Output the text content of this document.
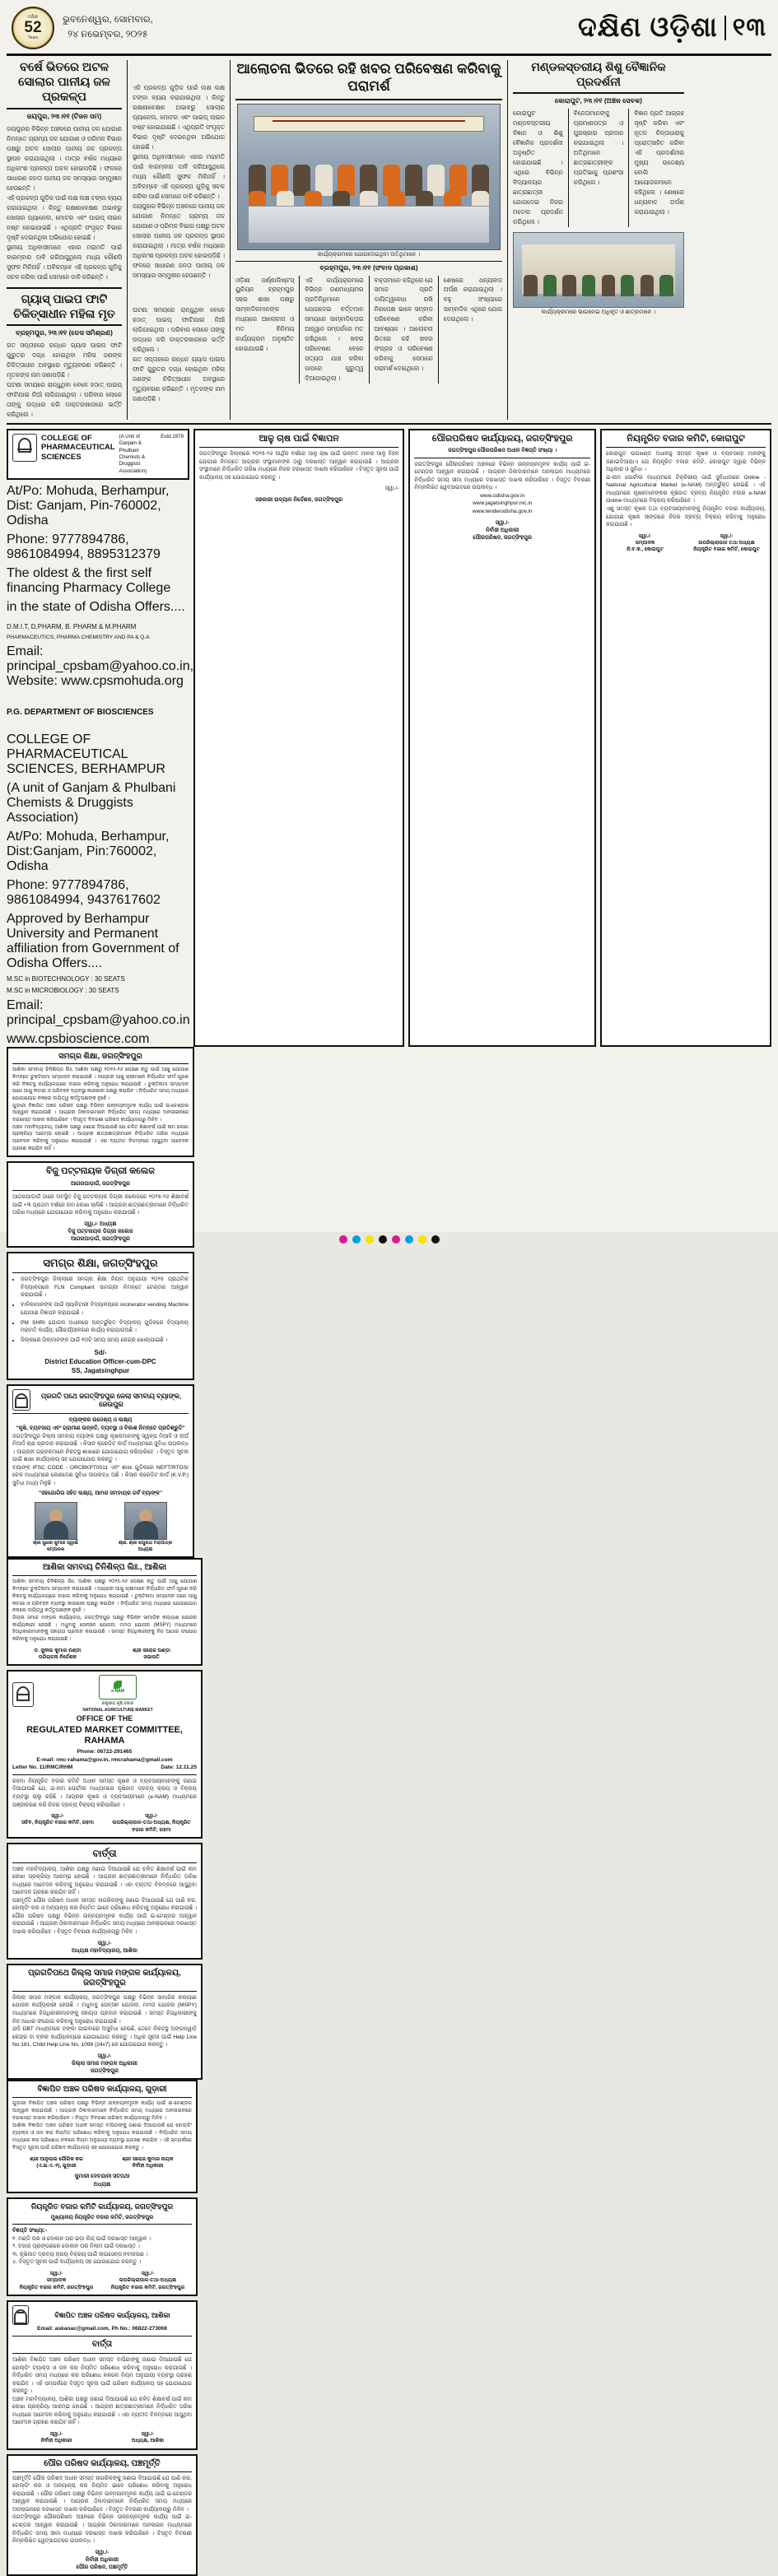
ଦକ୍ଷିଣ
52
Years
ଭୁବନେଶ୍ୱର, ସୋମବାର,
୨୪ ନଭେମ୍ବର, ୨୦୨୫	ଦକ୍ଷିଣ ଓଡ଼ିଶା ୧୩
ବର୍ଷେ ଭିତରେ ଅଟଳ ସୋଲାର ପାନୀୟ ଜଳ ପ୍ରକଳ୍ପ
ଜୟପୁର, ୨୩।୧୧ (ଟିଜନ ସମ)
ଜୟପୁରର ବିଭିନ୍ନ ଅଞ୍ଚଳରେ ପାନୀୟ ଜଳ ଯୋଗାଣ ନିମନ୍ତେ ଗ୍ରାମ୍ୟ ଜଳ ଯୋଗାଣ ଓ ପରିମଳ ବିଭାଗ ପକ୍ଷରୁ ଅଟଳ ସୋଲାର ପାନୀୟ ଜଳ ପ୍ରକଳ୍ପ ସ୍ଥାପନ କରାଯାଇଥିଲା । ମାତ୍ର ବର୍ଷକ ମଧ୍ୟରେ ଅଧିକାଂଶ ପ୍ରକଳ୍ପ ଅଚଳ ହୋଇପଡ଼ିଛି । ଫଳରେ ସାଧାରଣ ଜନତା ପାନୀୟ ଜଳ ସମସ୍ୟାର ସମ୍ମୁଖୀନ ହେଉଛନ୍ତି ।
ଏହି ପ୍ରକଳ୍ପ ଗୁଡ଼ିକ ପାଇଁ ଲକ୍ଷ ଲକ୍ଷ ଟଙ୍କା ବ୍ୟୟ କରାଯାଇଥିଲା । କିନ୍ତୁ ରକ୍ଷଣାବେକ୍ଷଣ ଅଭାବରୁ ସୋଲାର ପ୍ୟାନେଲ, ମୋଟର ଏବଂ ପାଇପ୍ ଲାଇନ ନଷ୍ଟ ହୋଇଯାଇଛି । ଏଥିପ୍ରତି ସଂପୃକ୍ତ ବିଭାଗ ଦୃଷ୍ଟି ଦେଇନଥିବା ଅଭିଯୋଗ ହୋଇଛି ।
ସ୍ଥାନୀୟ ଅଧିବାସୀମାନେ ଏହାର ମରାମତି ପାଇଁ ବାରମ୍ବାର ଦାବି କରିଆସୁଥିଲେ ମଧ୍ୟ କୌଣସି ସୁଫଳ ମିଳିନାହିଁ । ଅବିଳମ୍ବେ ଏହି ପ୍ରକଳ୍ପ ଗୁଡ଼ିକୁ ସଚଳ କରିବା ପାଇଁ ସେମାନେ ଦାବି କରିଛନ୍ତି ।
ଗ୍ୟାସ୍ ପାଇପ ଫାଟି ଚିକିତ୍ସାଧୀନ ମହିଳା ମୃତ
ବ୍ରହ୍ମପୁର, ୨୩।୧୧ (ଡେସ ସମିଶ୍ରଣ)
ଗତ ସପ୍ତାହରେ ରନ୍ଧନ ଗ୍ୟାସ ପାଇପ ଫାଟି ଗୁରୁତର ଦଗ୍ଧ ହୋଇଥିବା ମହିଳା ଜଣଙ୍କ ଚିକିତ୍ସାଧୀନ ଅବସ୍ଥାରେ ମୃତ୍ୟୁବରଣ କରିଛନ୍ତି । ମୃତକଙ୍କ ନାମ ଜଣାପଡ଼ିଛି ।
ଘଟଣା ସମୟରେ ରାନ୍ଧୁଥିବା ବେଳେ ହଠାତ୍ ପାଇପ୍ ଫାଟିଯାଇ ନିଆଁ ଲାଗିଯାଇଥିଲା । ପରିବାର ଲୋକେ ତାଙ୍କୁ ଉଦ୍ଧାର କରି ଡାକ୍ତରଖାନାରେ ଭର୍ତ୍ତି କରିଥିଲେ ।
ଏହି ପ୍ରକଳ୍ପ ଗୁଡ଼ିକ ପାଇଁ ଲକ୍ଷ ଲକ୍ଷ ଟଙ୍କା ବ୍ୟୟ କରାଯାଇଥିଲା । କିନ୍ତୁ ରକ୍ଷଣାବେକ୍ଷଣ ଅଭାବରୁ ସୋଲାର ପ୍ୟାନେଲ, ମୋଟର ଏବଂ ପାଇପ୍ ଲାଇନ ନଷ୍ଟ ହୋଇଯାଇଛି । ଏଥିପ୍ରତି ସଂପୃକ୍ତ ବିଭାଗ ଦୃଷ୍ଟି ଦେଇନଥିବା ଅଭିଯୋଗ ହୋଇଛି ।
ସ୍ଥାନୀୟ ଅଧିବାସୀମାନେ ଏହାର ମରାମତି ପାଇଁ ବାରମ୍ବାର ଦାବି କରିଆସୁଥିଲେ ମଧ୍ୟ କୌଣସି ସୁଫଳ ମିଳିନାହିଁ । ଅବିଳମ୍ବେ ଏହି ପ୍ରକଳ୍ପ ଗୁଡ଼ିକୁ ସଚଳ କରିବା ପାଇଁ ସେମାନେ ଦାବି କରିଛନ୍ତି ।
ଜୟପୁରର ବିଭିନ୍ନ ଅଞ୍ଚଳରେ ପାନୀୟ ଜଳ ଯୋଗାଣ ନିମନ୍ତେ ଗ୍ରାମ୍ୟ ଜଳ ଯୋଗାଣ ଓ ପରିମଳ ବିଭାଗ ପକ୍ଷରୁ ଅଟଳ ସୋଲାର ପାନୀୟ ଜଳ ପ୍ରକଳ୍ପ ସ୍ଥାପନ କରାଯାଇଥିଲା । ମାତ୍ର ବର୍ଷକ ମଧ୍ୟରେ ଅଧିକାଂଶ ପ୍ରକଳ୍ପ ଅଚଳ ହୋଇପଡ଼ିଛି । ଫଳରେ ସାଧାରଣ ଜନତା ପାନୀୟ ଜଳ ସମସ୍ୟାର ସମ୍ମୁଖୀନ ହେଉଛନ୍ତି ।
ଘଟଣା ସମୟରେ ରାନ୍ଧୁଥିବା ବେଳେ ହଠାତ୍ ପାଇପ୍ ଫାଟିଯାଇ ନିଆଁ ଲାଗିଯାଇଥିଲା । ପରିବାର ଲୋକେ ତାଙ୍କୁ ଉଦ୍ଧାର କରି ଡାକ୍ତରଖାନାରେ ଭର୍ତ୍ତି କରିଥିଲେ ।
ଗତ ସପ୍ତାହରେ ରନ୍ଧନ ଗ୍ୟାସ ପାଇପ ଫାଟି ଗୁରୁତର ଦଗ୍ଧ ହୋଇଥିବା ମହିଳା ଜଣଙ୍କ ଚିକିତ୍ସାଧୀନ ଅବସ୍ଥାରେ ମୃତ୍ୟୁବରଣ କରିଛନ୍ତି । ମୃତକଙ୍କ ନାମ ଜଣାପଡ଼ିଛି ।
ଆଲୋଚନା ଭିତରେ ରହି ଖବର ପରିବେଷଣ କରିବାକୁ ପରାମର୍ଶ
କାର୍ଯ୍ୟକ୍ରମରେ ଯୋଗଦେଇଥିବା ଅତିଥିମାନେ ।
ବ୍ରହ୍ମପୁର, ୨୩।୧୧ (ସଂବାଦ ପ୍ରକାଶ)
ଓଡ଼ିଶା ଜର୍ଣ୍ଣାଲିଷ୍ଟସ୍ ୟୁନିୟନ ବ୍ରହ୍ମପୁର ସହର ଶାଖା ପକ୍ଷରୁ ସାମ୍ବାଦିକମାନଙ୍କ ମଧ୍ୟରେ ଆଲୋଚନା ଓ ମତ ବିନିମୟ କାର୍ଯ୍ୟକ୍ରମ ଅନୁଷ୍ଠିତ ହୋଇଯାଇଛି ।
ଏହି କାର୍ଯ୍ୟକ୍ରମରେ ବିଭିନ୍ନ ଗଣମାଧ୍ୟମର ପ୍ରତିନିଧିମାନେ ଯୋଗଦେଇ ବର୍ତ୍ତମାନ ସମୟରେ ସାମ୍ବାଦିକତାର ଆହ୍ୱାନ ସମ୍ପର୍କରେ ମତ ରଖିଥିଲେ । ଖବର ପରିବେଷଣ ବେଳେ ସତ୍ୟତା ଯାଞ୍ଚ କରିବା ଉପରେ ଗୁରୁତ୍ୱ ଦିଆଯାଇଥିଲା ।
ବକ୍ତାମାନେ କହିଥିଲେ ଯେ ସମାଜ ପ୍ରତି ଦାୟିତ୍ୱବୋଧ ରଖି ନିରପେକ୍ଷ ଭାବେ ସମ୍ବାଦ ପରିବେଷଣ କରିବା ଆବଶ୍ୟକ । ଆଲୋଚନା ଭିତରେ ରହି ଖବର ସଂଗ୍ରହ ଓ ପରିବେଷଣ କରିବାକୁ ସେମାନେ ପରାମର୍ଶ ଦେଇଥିଲେ ।
ଶେଷରେ ଧନ୍ୟବାଦ ଅର୍ପଣ କରାଯାଇଥିଲା । ବହୁ ସଂଖ୍ୟାରେ ସାମ୍ବାଦିକ ଏଥିରେ ଯୋଗ ଦେଇଥିଲେ ।
ମଣ୍ଡଳସ୍ତରୀୟ ଶିଶୁ ବୈଜ୍ଞାନିକ ପ୍ରଦର୍ଶନୀ
କୋରାପୁଟ, ୨୩।୧୧ (ଅଞ୍ଚଳ ସେବକ)
କୋରାପୁଟ ମଣ୍ଡଳସ୍ତରୀୟ ବିଜ୍ଞାନ ଓ ଶିଶୁ ବୈଜ୍ଞାନିକ ପ୍ରଦର୍ଶନୀ ଅନୁଷ୍ଠିତ ହୋଇଯାଇଛି । ଏଥିରେ ବିଭିନ୍ନ ବିଦ୍ୟାଳୟର ଛାତ୍ରଛାତ୍ରୀ ଯୋଗଦେଇ ନିଜର ମଡେଲ ପ୍ରଦର୍ଶନ କରିଥିଲେ ।
ବିଜେତାମାନଙ୍କୁ ପ୍ରମାଣପତ୍ର ଓ ପୁରସ୍କାର ପ୍ରଦାନ କରାଯାଇଥିଲା । ଅତିଥିମାନେ ଛାତ୍ରଛାତ୍ରୀଙ୍କ ପ୍ରତିଭାକୁ ପ୍ରଶଂସା କରିଥିଲେ ।
ବିଜ୍ଞାନ ପ୍ରତି ଆଗ୍ରହ ସୃଷ୍ଟି କରିବା ଏବଂ ନୂତନ ଚିନ୍ତାଧାରାକୁ ପ୍ରୋତ୍ସାହିତ କରିବା ଏହି ପ୍ରଦର୍ଶନୀର ମୁଖ୍ୟ ଉଦ୍ଦେଶ୍ୟ ବୋଲି ଆୟୋଜକମାନେ କହିଥିଲେ । ଶେଷରେ ଧନ୍ୟବାଦ ଅର୍ପଣ କରାଯାଇଥିଲା ।
କାର୍ଯ୍ୟକ୍ରମରେ ଭାଗନେଇ ଅଧିକୃତ ଓ ଛାତ୍ରମାନେ ।
COLLEGE OF PHARMACEUTICAL SCIENCES
(A Unit of Ganjam & Phulbani Chemists & Druggists Association)
Estd.1979
At/Po: Mohuda, Berhampur, Dist: Ganjam, Pin-760002, Odisha
Phone: 9777894786, 9861084994, 8895312379
The oldest & the first self financing Pharmacy College
in the state of Odisha Offers....
D.M.I.T, D.PHARM, B. PHARM & M.PHARM
PHARMACEUTICS, PHARMA CHEMISTRY AND PA & Q.A
Email: principal_cpsbam@yahoo.co.in, Website: www.cpsmohuda.org
P.G. DEPARTMENT OF BIOSCIENCES
COLLEGE OF PHARMACEUTICAL SCIENCES, BERHAMPUR
(A unit of Ganjam & Phulbani Chemists & Druggists Association)
At/Po: Mohuda, Berhampur, Dist:Ganjam, Pin:760002, Odisha
Phone: 9777894786, 9861084994, 9437617602
Approved by Berhampur University and Permanent affiliation from Government of Odisha Offers....
M.SC in BIOTECHNOLOGY : 30 SEATS
M.SC in MICROBIOLOGY : 30 SEATS
Email: principal_cpsbam@yahoo.co.in
www.cpsbioscience.com
ଆଳୁ ଚାଷ ପାଇଁ ବିଜ୍ଞାପନ
ଜଗତ୍‌ସିଂହପୁର ଜିଲ୍ଲାରେ ୨୦୨୫-୨୬ ଆର୍ଥିକ ବର୍ଷରେ ଆଳୁ ଚାଷ ପାଇଁ ଉନ୍ନତ ମାନର ଆଳୁ ବିହନ ଯୋଗାଣ ନିମନ୍ତେ ଆଗ୍ରହୀ ସଂସ୍ଥାମାନଙ୍କ ଠାରୁ ଦରଖାସ୍ତ ଆହ୍ୱାନ କରାଯାଉଛି । ଆଗ୍ରହୀ ସଂସ୍ଥାମାନେ ନିର୍ଦ୍ଧାରିତ ତାରିଖ ମଧ୍ୟରେ ନିଜର ଦରଖାସ୍ତ ଦାଖଲ କରିପାରିବେ । ବିସ୍ତୃତ ସୂଚନା ପାଇଁ କାର୍ଯ୍ୟାଳୟ ସହ ଯୋଗାଯୋଗ କରନ୍ତୁ ।
ସ୍ୱା./-
ସହକାରୀ ଉଦ୍ୟାନ ନିର୍ଦ୍ଦେଶକ, ଜଗତ୍‌ସିଂହପୁର
ପୌରପରିଷଦ କାର୍ଯ୍ୟାଳୟ, ଜଗତ୍‌ସିଂହପୁର
ଜଗତ୍‌ସିଂହପୁର ପୌରପରିଷଦ ଅଧୀନ ବିଜ୍ଞପ୍ତି ସଂଖ୍ୟା ।
ଜଗତ୍‌ସିଂହପୁର ପୌରପରିଷଦ ଅଞ୍ଚଳରେ ବିଭିନ୍ନ ଉନ୍ନୟନମୂଳକ କାର୍ଯ୍ୟ ପାଇଁ ଇ-ଟେଣ୍ଡର ଆହ୍ୱାନ କରାଯାଉଛି । ଆଗ୍ରହୀ ଠିକାଦାରମାନେ ଅନଲାଇନ ମାଧ୍ୟମରେ ନିର୍ଦ୍ଧାରିତ ସମୟ ସୀମା ମଧ୍ୟରେ ଦରଖାସ୍ତ ଦାଖଲ କରିପାରିବେ । ବିସ୍ତୃତ ବିବରଣୀ ନିମ୍ନଲିଖିତ ୱେବ୍‌ସାଇଟରେ ଉପଲବ୍ଧ ।
www.odisha.gov.in
www.jagatsinghpur.nic.in
www.tenderodisha.gov.in
ସ୍ୱା./-
ନିର୍ବାହୀ ଅଧିକାରୀ
ପୌରପରିଷଦ, ଜଗତ୍‌ସିଂହପୁର
ନିୟନ୍ତ୍ରିତ ବଜାର କମିଟି, କୋରାପୁଟ
କୋରାପୁଟ ଉପଖଣ୍ଡ ଅଧୀନସ୍ଥ ସମସ୍ତ କୃଷକ ଓ ବ୍ୟବସାୟୀ ମାନଙ୍କୁ ଜଣାଇଦିଆଯାଏ ଯେ ନିୟନ୍ତ୍ରିତ ବଜାର କମିଟି, କୋରାପୁଟ ଦ୍ୱାରା ବିଭିନ୍ନ ଅଧିକାର ଓ ସୁବିଧା ।
ଇ-ନାମ ପୋର୍ଟାଲ ମାଧ୍ୟମରେ ଟିକ୍କିରୀୟ ପାଇଁ ସୁବିଧାଠାରେ Online - National Agricultural Market (e-NAM) ଅନ୍ତର୍ଭୁକ୍ତ ହୋଇଛି । ଏହି ମାଧ୍ୟମରେ କୃଷକମାନଙ୍କର କୃଷିଜାତ ଦ୍ରବ୍ୟ ନିୟନ୍ତ୍ରିତ ବଜାର e-NAM Online ମାଧ୍ୟମରେ ବିକ୍ରୟ କରିପାରିବେ ।
ଏଣୁ ସମସ୍ତ କୃଷକ ତଥା ବ୍ୟବସାୟୀମାନଙ୍କୁ ନିୟନ୍ତ୍ରିତ ବଜାର କାର୍ଯ୍ୟାଳୟ, ଯୋଗାଣ କୃଷକ ସାଙ୍ଗରେ ନିଜର ଦ୍ରବ୍ୟ ବିକ୍ରୟ କରିବାକୁ ଅନୁରୋଧ କରାଯାଉଛି ।
ସ୍ୱା./-
ସମ୍ପାଦକ
ନି.ବ.କ., କୋରାପୁଟ
ସ୍ୱା./-
ଉପଜିଲ୍ଲାପାଳ ତଥା ଅଧ୍ୟକ୍ଷ
ନିୟନ୍ତ୍ରିତ ବଜାର କମିଟି, କୋରାପୁଟ
ସମଗ୍ର ଶିକ୍ଷା, ଜଗତ୍‌ସିଂହପୁର
ଆଶିକା ସମବାୟ ଚିନିଶିଳ୍ପ ଲିଃ, ଆଶିକା ପକ୍ଷରୁ ୨୦୨୫-୨୬ ପେଷଣ ଋତୁ ପାଇଁ ଆଖୁ ଯୋଗାଣ ନିମନ୍ତେ ଚୁକ୍ତିନାମା ସମ୍ପାଦନ କରାଯାଉଛି । ଆଗ୍ରହୀ ଆଖୁ ଚାଷୀମାନେ ନିର୍ଦ୍ଧାରିତ ଫର୍ମ ପୂରଣ କରି ନିକଟସ୍ଥ କାର୍ଯ୍ୟାଳୟରେ ଦାଖଲ କରିବାକୁ ଅନୁରୋଧ କରାଯାଉଛି । ଚୁକ୍ତିନାମା ସମ୍ପାଦନ ପରେ ଆଖୁ କଟାଇ ଓ ପରିବହନ ବ୍ୟବସ୍ଥା କାରଖାନା ପକ୍ଷରୁ କରାଯିବ । ନିର୍ଦ୍ଧାରିତ ସମୟ ମଧ୍ୟରେ ଯୋଗାଯୋଗ ନକଲେ ଦାୟିତ୍ୱ କର୍ତ୍ତୃପକ୍ଷଙ୍କ ନୁହେଁ ।
ଗୁଡ଼ାରୀ ବିଜ୍ଞାପିତ ଅଞ୍ଚଳ ପରିଷଦ ପକ୍ଷରୁ ବିଭିନ୍ନ ଉନ୍ନୟନମୂଳକ କାର୍ଯ୍ୟ ପାଇଁ ଇ-ଟେଣ୍ଡର ଆହ୍ୱାନ କରାଯାଉଛି । ଆଗ୍ରହୀ ଠିକାଦାରମାନେ ନିର୍ଦ୍ଧାରିତ ସମୟ ମଧ୍ୟରେ ଅନଲାଇନରେ ଦରଖାସ୍ତ ଦାଖଲ କରିପାରିବେ । ବିସ୍ତୃତ ବିବରଣୀ ପରିଷଦ କାର୍ଯ୍ୟାଳୟରୁ ମିଳିବ ।
ଅଞ୍ଚଳ ମହାବିଦ୍ୟାଳୟ, ଆଶିକା ପକ୍ଷରୁ ଜଣାଇ ଦିଆଯାଉଛି ଯେ ଚଳିତ ଶିକ୍ଷାବର୍ଷ ପାଇଁ ନାମ ଲେଖା ପ୍ରକ୍ରିୟା ଆରମ୍ଭ ହୋଇଛି । ଆଗ୍ରହୀ ଛାତ୍ରଛାତ୍ରୀମାନେ ନିର୍ଦ୍ଧାରିତ ତାରିଖ ମଧ୍ୟରେ ଆବେଦନ କରିବାକୁ ଅନୁରୋଧ କରାଯାଉଛି । ଏହା ବ୍ୟତୀତ ବିଳମ୍ବରେ ଆସୁଥିବା ଆବେଦନ ଗ୍ରହଣ କରାଯିବ ନାହିଁ ।
ବିଜୁ ପଟ୍ଟନାୟକ ଡିଗ୍ରୀ କଲେଜ
ଆଗରପାଡ଼ାଗଁ, ଜଗତ୍‌ସିଂହପୁର
ଆଗରପାଡ଼ାଗଁ ଠାରେ ଅବସ୍ଥିତ ବିଜୁ ପଟ୍ଟନାୟକ ଡିଗ୍ରୀ କଲେଜରେ ୨୦୨୫-୨୬ ଶିକ୍ଷାବର୍ଷ ପାଇଁ +୩ ପ୍ରଥମ ବର୍ଷରେ ନାମ ଲେଖା ଚାଲିଛି । ଆଗ୍ରହୀ ଛାତ୍ରଛାତ୍ରୀମାନେ ନିର୍ଦ୍ଧାରିତ ତାରିଖ ମଧ୍ୟରେ ଯୋଗାଯୋଗ କରିବାକୁ ଅନୁରୋଧ କରାଯାଉଛି ।
ସ୍ୱା./- ଅଧ୍ୟକ୍ଷ
ବିଜୁ ପଟ୍ଟନାୟକ ଡିଗ୍ରୀ କଲେଜ
ଆଗରପାଡ଼ାଗଁ, ଜଗତ୍‌ସିଂହପୁର
ସମଗ୍ର ଶିକ୍ଷା, ଜଗତ୍‌ସିଂହପୁର
• ଜଗତ୍‌ସିଂହପୁର ଜିଲ୍ଲାରେ ସମଗ୍ର ଶିକ୍ଷା ନିୟମ ଅନୁଯାୟୀ ୨୦୨୫ ପ୍ରାଥମିକ ବିଦ୍ୟାଳୟରେ FLN Compliant ସାମଗ୍ରୀ ନିମନ୍ତେ ଟେଣ୍ଡର ଆହ୍ୱାନ କରାଯାଉଛି ।
• ବାଳିକାମାନଙ୍କ ପାଇଁ ସ୍ୟାନିଟାରୀ ବିଦ୍ୟାଳୟରେ incinerator vending Machine ଯୋଗାଣ ବିଜ୍ଞାପନ କରାଯାଇଛି ।
• PM SHRI ଯୋଜନା ଅଧୀନରେ ଅନ୍ତର୍ଭୁକ୍ତ ବିଦ୍ୟାଳୟ ଗୁଡ଼ିକରେ ବିଦ୍ୟାଳୟ ମରାମତି କାର୍ଯ୍ୟ, ସୌନ୍ଦର୍ଯ୍ୟୀକରଣ କାର୍ଯ୍ୟ କରାଯାଉଅଛି ।
• ଜିଲ୍ଲାରେ ପିଲାମାନଙ୍କ ପାଇଁ ୧୦ଟି ସମୟ ସମୟ କେନ୍ଦ୍ର ଖୋଲାଯାଇଛି ।
Sd/-
District Education Officer-cum-DPC
SS, Jagatsinghpur
ପ୍ରଗତି ପଥେ ଜଗତ୍‌ସିଂହପୁର ଜେଲା ସମବାୟ ବ୍ୟାଙ୍କ, ଜେଉପୁର
ବ୍ୟାଙ୍କର ଉଦ୍ଦେଶ୍ୟ ଓ ଲକ୍ଷ୍ୟ
"କୃଷି, ବ୍ୟବସାୟ ଏବଂ ଗ୍ରାମୀଣ ଉନ୍ନତି, ବ୍ୟବସ୍ଥା ଓ ବିକାଶ ନିମନ୍ତେ ପ୍ରତିଶ୍ରୁତି"
ଜଗତ୍‌ସିଂହପୁର ଜିଲ୍ଲା ସମବାୟ ବ୍ୟାଙ୍କ ପକ୍ଷରୁ କୃଷକମାନଙ୍କୁ ସ୍ୱଳ୍ପ ମିଆଦି ଓ ଦୀର୍ଘ ମିଆଦି ଋଣ ପ୍ରଦାନ କରାଯାଉଛି । କିସାନ କ୍ରେଡ଼ିଟ କାର୍ଡ ମାଧ୍ୟମରେ ସୁବିଧା ଉପଲବ୍ଧ । ଆଗ୍ରହୀ ଗ୍ରାହକମାନେ ନିକଟସ୍ଥ ଶାଖାରେ ଯୋଗାଯୋଗ କରିପାରିବେ । ବିସ୍ତୃତ ସୂଚନା ପାଇଁ ଶାଖା କାର୍ଯ୍ୟାଳୟ ସହ ଯୋଗାଯୋଗ କରନ୍ତୁ ।
ବ୍ୟାଙ୍କ IFSC CODE - ORCBKPT0011 ଏବଂ ଶାଖା ଗୁଡ଼ିକରେ NEFT/RTGS/ଚେକ ମାଧ୍ୟମରେ ଲେଣଦେଣ ସୁବିଧା ଉପଲବ୍ଧ ଅଛି । କିସାନ କ୍ରେଡ଼ିଟ କାର୍ଡ (K.V.P.) ସୁବିଧା ମଧ୍ୟ ମିଳୁଛି ।
"ସହଯୋଗିତା ସହିତ ଲକ୍ଷ୍ୟ, ଆମର ସମବାୟର ଗର୍ବ ବ୍ୟାଙ୍କ"
ଶ୍ରୀ ସୁଧୀର କୁମାର ସ୍ୱାଇଁ
ସମ୍ପାଦକ
ଶ୍ରୀ. ଶ୍ରୀ ରଘୁନାଥ ମହାପାତ୍ର
ଅଧ୍ୟକ୍ଷ
ଆଶିକା ସମବାୟ ଚିନିଶିଳ୍ପ ଲିଃ., ଆଶିକା
ଆଶିକା ସମବାୟ ଚିନିଶିଳ୍ପ ଲିଃ, ଆଶିକା ପକ୍ଷରୁ ୨୦୨୫-୨୬ ପେଷଣ ଋତୁ ପାଇଁ ଆଖୁ ଯୋଗାଣ ନିମନ୍ତେ ଚୁକ୍ତିନାମା ସମ୍ପାଦନ କରାଯାଉଛି । ଆଗ୍ରହୀ ଆଖୁ ଚାଷୀମାନେ ନିର୍ଦ୍ଧାରିତ ଫର୍ମ ପୂରଣ କରି ନିକଟସ୍ଥ କାର୍ଯ୍ୟାଳୟରେ ଦାଖଲ କରିବାକୁ ଅନୁରୋଧ କରାଯାଉଛି । ଚୁକ୍ତିନାମା ସମ୍ପାଦନ ପରେ ଆଖୁ କଟାଇ ଓ ପରିବହନ ବ୍ୟବସ୍ଥା କାରଖାନା ପକ୍ଷରୁ କରାଯିବ । ନିର୍ଦ୍ଧାରିତ ସମୟ ମଧ୍ୟରେ ଯୋଗାଯୋଗ ନକଲେ ଦାୟିତ୍ୱ କର୍ତ୍ତୃପକ୍ଷଙ୍କ ନୁହେଁ ।
ଜିଲ୍ଲା ସମାଜ ମଙ୍ଗଳ କାର୍ଯ୍ୟାଳୟ, ଜଗତ୍‌ସିଂହପୁର ପକ୍ଷରୁ ବିଭିନ୍ନ ସାମାଜିକ କଲ୍ୟାଣ ଯୋଜନା କାର୍ଯ୍ୟକାରୀ ହେଉଛି । ମଧୁବାବୁ ପେନ୍‌ସନ ଯୋଜନା, ମମତା ଯୋଜନା (MSPY) ମାଧ୍ୟମରେ ହିତାଧିକାରୀମାନଙ୍କୁ ସହାୟତା ପ୍ରଦାନ କରାଯାଉଛି । ସମସ୍ତ ହିତାଧିକାରୀଙ୍କୁ ନିଜ ଆଧାର ସଂଯୋଗ କରିବାକୁ ଅନୁରୋଧ କରାଯାଉଛି ।
ଡ. ସୁନୀଲ କୁମାର ପଣ୍ଡା
ପରିଚାଳନା ନିର୍ଦ୍ଦେଶକ
ଶ୍ରୀ ସରୋଜ ପଣ୍ଡା
ସଭାପତି
e-NAM
ରାଷ୍ଟ୍ରୀୟ କୃଷି ବଜାର
NATIONAL AGRICULTURE MARKET
OFFICE OF THE
REGULATED MARKET COMMITTEE, RAHAMA
Phone: 06722-291465
E-mail: rmc-rahama@gov.in, rmcrahama@gmail.com
Letter No. 11/RMC/RHM	Date: 12.11.25
ରହମା ନିୟନ୍ତ୍ରିତ ବଜାର କମିଟି ଅଧୀନ ସମସ୍ତ କୃଷକ ଓ ବ୍ୟବସାୟୀମାନଙ୍କୁ ଜଣାଇ ଦିଆଯାଉଛି ଯେ, ଇ-ନାମ ପୋର୍ଟାଲ ମାଧ୍ୟମରେ କୃଷିଜାତ ଦ୍ରବ୍ୟ କ୍ରୟ ଓ ବିକ୍ରୟ ବ୍ୟବସ୍ଥା ଚାଲୁ ରହିଛି । ଆଗ୍ରହୀ କୃଷକ ଓ ବ୍ୟବସାୟୀମାନେ (e-NAM) ମାଧ୍ୟମରେ ପଞ୍ଜୀକରଣ କରି ନିଜର ଦ୍ରବ୍ୟ ବିକ୍ରୟ କରିପାରିବେ ।
ସ୍ୱା./-
ସଚିବ, ନିୟନ୍ତ୍ରିତ ବଜାର କମିଟି, ରହମା
ସ୍ୱା./-
ଉପଜିଲ୍ଲାପାଳ-ତଥା-ଅଧ୍ୟକ୍ଷ, ନିୟନ୍ତ୍ରିତ ବଜାର କମିଟି, ରହମା
ବାର୍ତ୍ତା
ଅଞ୍ଚଳ ମହାବିଦ୍ୟାଳୟ, ଆଶିକା ପକ୍ଷରୁ ଜଣାଇ ଦିଆଯାଉଛି ଯେ ଚଳିତ ଶିକ୍ଷାବର୍ଷ ପାଇଁ ନାମ ଲେଖା ପ୍ରକ୍ରିୟା ଆରମ୍ଭ ହୋଇଛି । ଆଗ୍ରହୀ ଛାତ୍ରଛାତ୍ରୀମାନେ ନିର୍ଦ୍ଧାରିତ ତାରିଖ ମଧ୍ୟରେ ଆବେଦନ କରିବାକୁ ଅନୁରୋଧ କରାଯାଉଛି । ଏହା ବ୍ୟତୀତ ବିଳମ୍ବରେ ଆସୁଥିବା ଆବେଦନ ଗ୍ରହଣ କରାଯିବ ନାହିଁ ।
ପଞ୍ଚମୂର୍ତ୍ତି ପୌର ପରିଷଦ ଅଧୀନ ସମସ୍ତ ନାଗରିକଙ୍କୁ ଜଣାଇ ଦିଆଯାଉଛି ଯେ ପାଣି କର, ହୋଲ୍ଡିଂ କର ଓ ଅନ୍ୟାନ୍ୟ କର ନିୟମିତ ଭାବେ ପରିଶୋଧ କରିବାକୁ ଅନୁରୋଧ କରାଯାଉଛି । ପୌର ପରିଷଦ ପକ୍ଷରୁ ବିଭିନ୍ନ ଉନ୍ନୟନମୂଳକ କାର୍ଯ୍ୟ ପାଇଁ ଇ-ଟେଣ୍ଡର ଆହ୍ୱାନ କରାଯାଉଛି । ଆଗ୍ରହୀ ଠିକାଦାରମାନେ ନିର୍ଦ୍ଧାରିତ ସମୟ ମଧ୍ୟରେ ଅନଲାଇନରେ ଦରଖାସ୍ତ ଦାଖଲ କରିପାରିବେ । ବିସ୍ତୃତ ବିବରଣୀ କାର୍ଯ୍ୟାଳୟରୁ ମିଳିବ ।
ସ୍ୱା./-
ଅଧ୍ୟକ୍ଷ ମହାବିଦ୍ୟାଳୟ, ଆଶିକା
ପ୍ରଗତିପଥେ ଜିଲ୍ଲା ସମାଜ ମଙ୍ଗଳ କାର୍ଯ୍ୟାଳୟ, ଜଗତ୍‌ସିଂହପୁର
ଜିଲ୍ଲା ସମାଜ ମଙ୍ଗଳ କାର୍ଯ୍ୟାଳୟ, ଜଗତ୍‌ସିଂହପୁର ପକ୍ଷରୁ ବିଭିନ୍ନ ସାମାଜିକ କଲ୍ୟାଣ ଯୋଜନା କାର୍ଯ୍ୟକାରୀ ହେଉଛି । ମଧୁବାବୁ ପେନ୍‌ସନ ଯୋଜନା, ମମତା ଯୋଜନା (MSPY) ମାଧ୍ୟମରେ ହିତାଧିକାରୀମାନଙ୍କୁ ସହାୟତା ପ୍ରଦାନ କରାଯାଉଛି । ସମସ୍ତ ହିତାଧିକାରୀଙ୍କୁ ନିଜ ଆଧାର ସଂଯୋଗ କରିବାକୁ ଅନୁରୋଧ କରାଯାଉଛି ।
ଯଦି DBT ମାଧ୍ୟମରେ ଟଙ୍କା ପାଇବାରେ ଅସୁବିଧା ହେଉଛି, ତେବେ ନିକଟସ୍ଥ ଅଙ୍ଗନୱାଡ଼ି କେନ୍ଦ୍ର ବା ବ୍ଲକ କାର୍ଯ୍ୟାଳୟରେ ଯୋଗାଯୋଗ କରନ୍ତୁ । ଅଧିକ ସୂଚନା ପାଇଁ Help Line No.181, Child Help Line No. 1098 (24x7) ରେ ଯୋଗାଯୋଗ କରନ୍ତୁ ।
ସ୍ୱା./-
ଜିଲ୍ଲା ସମାଜ ମଙ୍ଗଳ ଅଧିକାରୀ
ଜଗତ୍‌ସିଂହପୁର
ବିଜ୍ଞାପିତ ଅଞ୍ଚଳ ପରିଷଦ କାର୍ଯ୍ୟାଳୟ, ଗୁଡ଼ାରୀ
ଗୁଡ଼ାରୀ ବିଜ୍ଞାପିତ ଅଞ୍ଚଳ ପରିଷଦ ପକ୍ଷରୁ ବିଭିନ୍ନ ଉନ୍ନୟନମୂଳକ କାର୍ଯ୍ୟ ପାଇଁ ଇ-ଟେଣ୍ଡର ଆହ୍ୱାନ କରାଯାଉଛି । ଆଗ୍ରହୀ ଠିକାଦାରମାନେ ନିର୍ଦ୍ଧାରିତ ସମୟ ମଧ୍ୟରେ ଅନଲାଇନରେ ଦରଖାସ୍ତ ଦାଖଲ କରିପାରିବେ । ବିସ୍ତୃତ ବିବରଣୀ ପରିଷଦ କାର୍ଯ୍ୟାଳୟରୁ ମିଳିବ ।
ଆଶିକା ବିଜ୍ଞାପିତ ଅଞ୍ଚଳ ପରିଷଦ ଅଧୀନ ସମସ୍ତ ବାସିନ୍ଦାଙ୍କୁ ଜଣାଇ ଦିଆଯାଉଛି ଯେ ହୋଲ୍ଡିଂ ଟ୍ୟାକ୍ସ ଓ ଜଳ କର ନିୟମିତ ପରିଶୋଧ କରିବାକୁ ଅନୁରୋଧ କରାଯାଉଛି । ନିର୍ଦ୍ଧାରିତ ସମୟ ମଧ୍ୟରେ କର ପରିଶୋଧ ନକଲେ ନିୟମ ଅନୁଯାୟୀ ବ୍ୟବସ୍ଥା ଗ୍ରହଣ କରାଯିବ । ଏହି ସମ୍ପର୍କରେ ବିସ୍ତୃତ ସୂଚନା ପାଇଁ ପରିଷଦ କାର୍ଯ୍ୟାଳୟ ସହ ଯୋଗାଯୋଗ କରନ୍ତୁ ।
ଶ୍ରୀ ଆନୁଲାଲ ଗୌରିକ କର
(ଏ.ଇ.ଏ.-୨), ଗୁଡ଼ାରୀ
ଶ୍ରୀ ସରୋଜ କୁମାର ନାୟକ
ନିର୍ବାହୀ ଅଧିକାରୀ
କୁମାରୀ ଦେବଯାନୀ ସତପଥୀ
ଅଧ୍ୟକ୍ଷ
ନିୟନ୍ତ୍ରିତ ବଜାର କମିଟି କାର୍ଯ୍ୟାଳୟ, ଜଗତ୍‌ସିଂହପୁର
ମୁଖ୍ୟାଳୟ ନିୟନ୍ତ୍ରିତ ବଜାର କମିଟି, ଜଗତ୍‌ସିଂହପୁର
ବିଜ୍ଞପ୍ତି ସଂଖ୍ୟା:-
୧. ମଣ୍ଡି ଘର ଓ ଦୋକାନ ଘର ଭଡ଼ା ଲିଜ୍ ପାଇଁ ଦରଖାସ୍ତ ଆହ୍ୱାନ ।
୨. ବଜାର ପ୍ରାଙ୍ଗଣରେ ଦୋକାନ ଘର ନିଲାମ ପାଇଁ ଦରଖାସ୍ତ ।
୩. କୃଷିଜାତ ଦ୍ରବ୍ୟ କ୍ରୟ ବିକ୍ରୟ ପାଇଁ ଲାଇସେନ୍ସ ନବୀକରଣ ।
୪. ବିସ୍ତୃତ ସୂଚନା ପାଇଁ କାର୍ଯ୍ୟାଳୟ ସହ ଯୋଗାଯୋଗ କରନ୍ତୁ ।
ସ୍ୱା./-
ସମ୍ପାଦକ
ନିୟନ୍ତ୍ରିତ ବଜାର କମିଟି, ଜଗତ୍‌ସିଂହପୁର
ସ୍ୱା./-
ଉପଜିଲ୍ଲାପାଳ-ତଥା-ଅଧ୍ୟକ୍ଷ
ନିୟନ୍ତ୍ରିତ ବଜାର କମିଟି, ଜଗତ୍‌ସିଂହପୁର
ବିଜ୍ଞାପିତ ଅଞ୍ଚଳ ପରିଷଦ କାର୍ଯ୍ୟାଳୟ, ଆଶିକା
Email: askanac@gmail.com, Ph No.: 06822-273068
ବାର୍ତ୍ତା
ଆଶିକା ବିଜ୍ଞାପିତ ଅଞ୍ଚଳ ପରିଷଦ ଅଧୀନ ସମସ୍ତ ବାସିନ୍ଦାଙ୍କୁ ଜଣାଇ ଦିଆଯାଉଛି ଯେ ହୋଲ୍ଡିଂ ଟ୍ୟାକ୍ସ ଓ ଜଳ କର ନିୟମିତ ପରିଶୋଧ କରିବାକୁ ଅନୁରୋଧ କରାଯାଉଛି । ନିର୍ଦ୍ଧାରିତ ସମୟ ମଧ୍ୟରେ କର ପରିଶୋଧ ନକଲେ ନିୟମ ଅନୁଯାୟୀ ବ୍ୟବସ୍ଥା ଗ୍ରହଣ କରାଯିବ । ଏହି ସମ୍ପର୍କରେ ବିସ୍ତୃତ ସୂଚନା ପାଇଁ ପରିଷଦ କାର୍ଯ୍ୟାଳୟ ସହ ଯୋଗାଯୋଗ କରନ୍ତୁ ।
ଅଞ୍ଚଳ ମହାବିଦ୍ୟାଳୟ, ଆଶିକା ପକ୍ଷରୁ ଜଣାଇ ଦିଆଯାଉଛି ଯେ ଚଳିତ ଶିକ୍ଷାବର୍ଷ ପାଇଁ ନାମ ଲେଖା ପ୍ରକ୍ରିୟା ଆରମ୍ଭ ହୋଇଛି । ଆଗ୍ରହୀ ଛାତ୍ରଛାତ୍ରୀମାନେ ନିର୍ଦ୍ଧାରିତ ତାରିଖ ମଧ୍ୟରେ ଆବେଦନ କରିବାକୁ ଅନୁରୋଧ କରାଯାଉଛି । ଏହା ବ୍ୟତୀତ ବିଳମ୍ବରେ ଆସୁଥିବା ଆବେଦନ ଗ୍ରହଣ କରାଯିବ ନାହିଁ ।
ସ୍ୱା./-
ନିର୍ବାହୀ ଅଧିକାରୀ
ସ୍ୱା./-
ଅଧ୍ୟକ୍ଷ, ଆଶିକା
ପୌର ପରିଷଦ କାର୍ଯ୍ୟାଳୟ, ପଞ୍ଚମୂର୍ତ୍ତି
ପଞ୍ଚମୂର୍ତ୍ତି ପୌର ପରିଷଦ ଅଧୀନ ସମସ୍ତ ନାଗରିକଙ୍କୁ ଜଣାଇ ଦିଆଯାଉଛି ଯେ ପାଣି କର, ହୋଲ୍ଡିଂ କର ଓ ଅନ୍ୟାନ୍ୟ କର ନିୟମିତ ଭାବେ ପରିଶୋଧ କରିବାକୁ ଅନୁରୋଧ କରାଯାଉଛି । ପୌର ପରିଷଦ ପକ୍ଷରୁ ବିଭିନ୍ନ ଉନ୍ନୟନମୂଳକ କାର୍ଯ୍ୟ ପାଇଁ ଇ-ଟେଣ୍ଡର ଆହ୍ୱାନ କରାଯାଉଛି । ଆଗ୍ରହୀ ଠିକାଦାରମାନେ ନିର୍ଦ୍ଧାରିତ ସମୟ ମଧ୍ୟରେ ଅନଲାଇନରେ ଦରଖାସ୍ତ ଦାଖଲ କରିପାରିବେ । ବିସ୍ତୃତ ବିବରଣୀ କାର୍ଯ୍ୟାଳୟରୁ ମିଳିବ ।
ଜଗତ୍‌ସିଂହପୁର ପୌରପରିଷଦ ଅଞ୍ଚଳରେ ବିଭିନ୍ନ ଉନ୍ନୟନମୂଳକ କାର୍ଯ୍ୟ ପାଇଁ ଇ-ଟେଣ୍ଡର ଆହ୍ୱାନ କରାଯାଉଛି । ଆଗ୍ରହୀ ଠିକାଦାରମାନେ ଅନଲାଇନ ମାଧ୍ୟମରେ ନିର୍ଦ୍ଧାରିତ ସମୟ ସୀମା ମଧ୍ୟରେ ଦରଖାସ୍ତ ଦାଖଲ କରିପାରିବେ । ବିସ୍ତୃତ ବିବରଣୀ ନିମ୍ନଲିଖିତ ୱେବ୍‌ସାଇଟରେ ଉପଲବ୍ଧ ।
ସ୍ୱା./-
ନିର୍ବାହୀ ଅଧିକାରୀ
ପୌର ପରିଷଦ, ପଞ୍ଚମୂର୍ତ୍ତି
